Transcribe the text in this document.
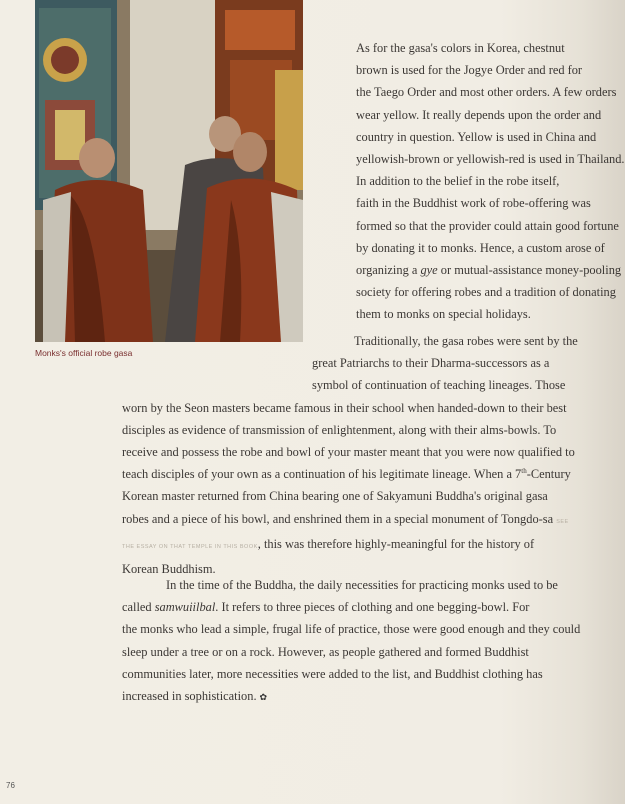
Monks's official robe gasa

As for the gasa's colors in Korea, chestnut
brown is used for the Jogye Order and red for
the Taego Order and most other orders. A few orders
wear yellow. It really depends upon the order and
country in question. Yellow is used in China and
yellowish-brown or yellowish-red is used in Thailand.

In addition to the belief in the robe itself,
faith in the Buddhist work of robe-offering was
formed so that the provider could attain good fortune
by donating it to monks. Hence, a custom arose of
organizing a gye or mutual-assistance money-pooling
society for offering robes and a tradition of donating
them to monks on special holidays.

Traditionally, the gasa robes were sent by the
great Patriarchs to their Dharma-successors as a
symbol of continuation of teaching lineages. Those
worn by the Seon masters became famous in their school when handed-down to their best
disciples as evidence of transmission of enlightenment, along with their alms-bowls. To
receive and possess the robe and bowl of your master meant that you were now qualified to
teach disciples of your own as a continuation of his legitimate lineage. When a 7th-Century
Korean master returned from China bearing one of Sakyamuni Buddha's original gasa
robes and a piece of his bowl, and enshrined them in a special monument of Tongdo-sa SEE
THE ESSAY ON THAT TEMPLE IN THIS BOOK, this was therefore highly-meaningful for the history of
Korean Buddhism.
In the time of the Buddha, the daily necessities for practicing monks used to be
called samwuiilbal. It refers to three pieces of clothing and one begging-bowl. For
the monks who lead a simple, frugal life of practice, those were good enough and they could
sleep under a tree or on a rock. However, as people gathered and formed Buddhist
communities later, more necessities were added to the list, and Buddhist clothing has
increased in sophistication. ✿
76
